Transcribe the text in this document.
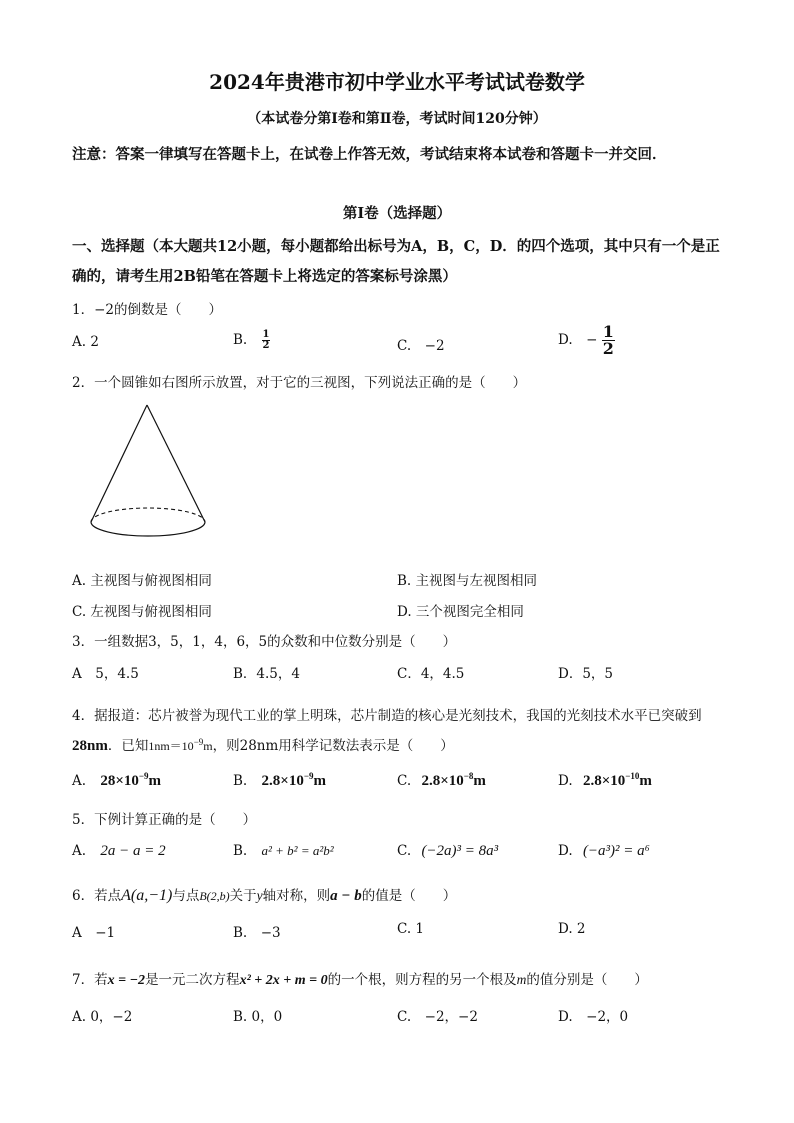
2024年贵港市初中学业水平考试试卷数学
（本试卷分第Ⅰ卷和第Ⅱ卷，考试时间120分钟）
注意：答案一律填写在答题卡上，在试卷上作答无效，考试结束将本试卷和答题卡一并交回．
第Ⅰ卷（选择题）
一、选择题（本大题共12小题，每小题都给出标号为A，B，C，D．的四个选项，其中只有一个是正确的，请考生用2B铅笔在答题卡上将选定的答案标号涂黑）
1．−2的倒数是（　　）
A. 2	B. $\frac{1}{2}$	C.　−2	D.　− $\frac{1}{2}$
2．一个圆锥如右图所示放置，对于它的三视图，下列说法正确的是（　　）
A. 主视图与俯视图相同	B. 主视图与左视图相同
C. 左视图与俯视图相同	D. 三个视图完全相同
3．一组数据3，5，1，4，6，5的众数和中位数分别是（　　）
A　5，4.5	B．4.5，4	C．4，4.5	D．5，5
4．据报道：芯片被誉为现代工业的掌上明珠，芯片制造的核心是光刻技术，我国的光刻技术水平已突破到
28nm．已知$1nm=10^{-9}m$，则28nm用科学记数法表示是（　　）
A. $28\times 10^{-9}m$	B. $2.8\times 10^{-9}m$	C. $2.8\times 10^{-8}m$	D. $2.8\times 10^{-10}m$
5．下例计算正确的是（　　）
A. 2a − a = 2	B. a² + b² = a²b²	C. (−2a)³ = 8a³	D. (−a³)² = a⁶
6．若点A(a,−1)与点B(2,b)关于y轴对称，则a − b的值是（　　）
A　−1	B.　−3	C. 1	D. 2
7．若x = −2是一元二次方程x² + 2x + m = 0的一个根，则方程的另一个根及m的值分别是（　　）
A. 0，−2	B. 0，0	C.　−2，−2	D.　−2，0
